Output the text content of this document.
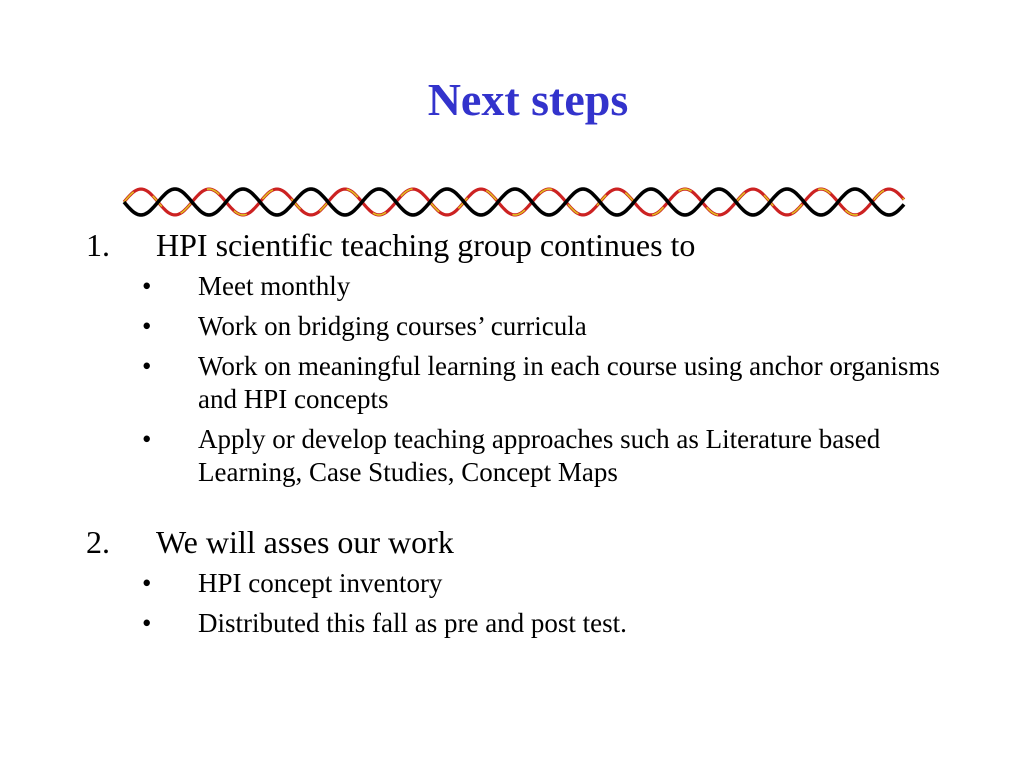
Next steps
1.	HPI scientific teaching group continues to
•	Meet monthly
•	Work on bridging courses’ curricula
•	Work on meaningful learning in each course using anchor organisms and HPI concepts
•	Apply or develop teaching approaches such as Literature based Learning, Case Studies, Concept Maps
2.	We will asses our work
•	HPI concept inventory
•	Distributed this fall as pre and post test.
